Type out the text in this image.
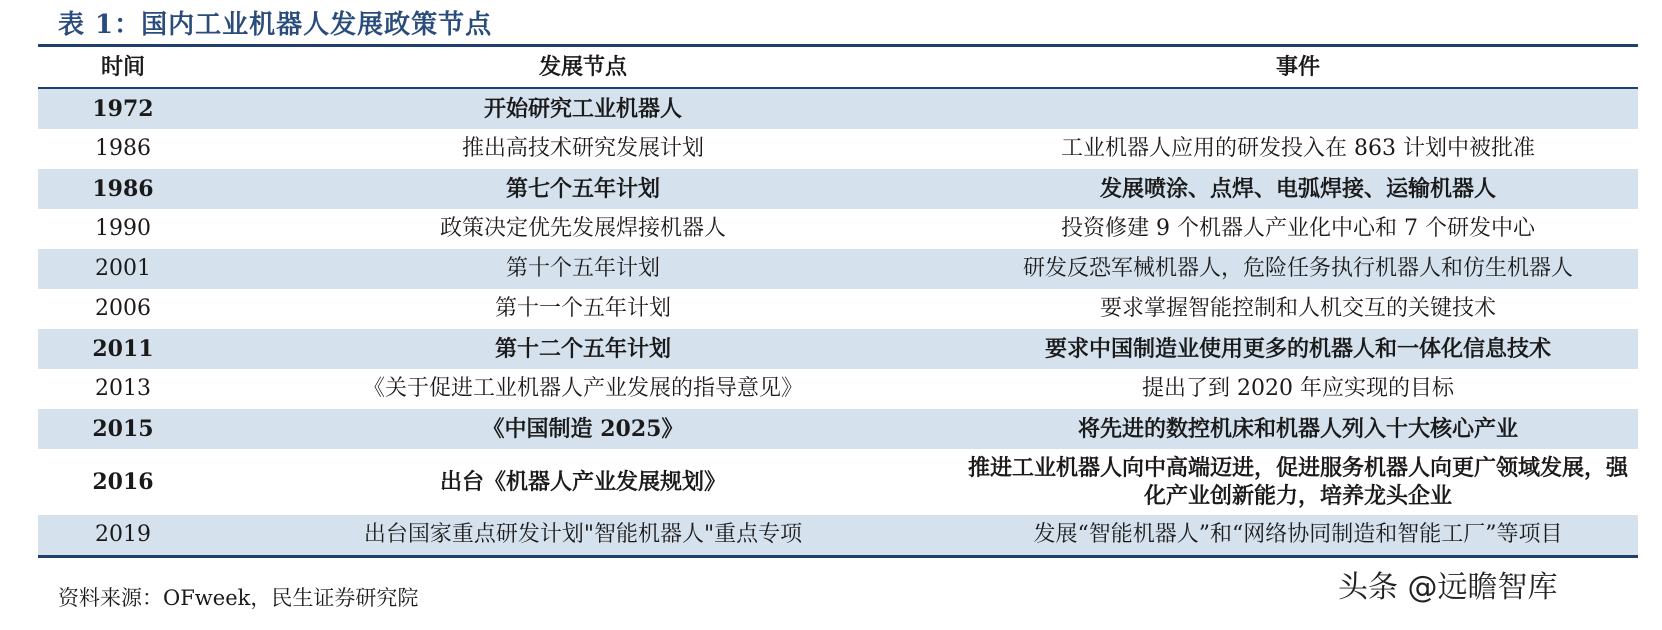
表 1：国内工业机器人发展政策节点
时间	发展节点	事件
1972	开始研究工业机器人	
1986	推出高技术研究发展计划	工业机器人应用的研发投入在 863 计划中被批准
1986	第七个五年计划	发展喷涂、点焊、电弧焊接、运输机器人
1990	政策决定优先发展焊接机器人	投资修建 9 个机器人产业化中心和 7 个研发中心
2001	第十个五年计划	研发反恐军械机器人，危险任务执行机器人和仿生机器人
2006	第十一个五年计划	要求掌握智能控制和人机交互的关键技术
2011	第十二个五年计划	要求中国制造业使用更多的机器人和一体化信息技术
2013	《关于促进工业机器人产业发展的指导意见》	提出了到 2020 年应实现的目标
2015	《中国制造 2025》	将先进的数控机床和机器人列入十大核心产业
2016	出台《机器人产业发展规划》	推进工业机器人向中高端迈进，促进服务机器人向更广领域发展，强化产业创新能力，培养龙头企业
2019	出台国家重点研发计划"智能机器人"重点专项	发展“智能机器人”和“网络协同制造和智能工厂”等项目
资料来源：OFweek，民生证券研究院	头条 @远瞻智库
